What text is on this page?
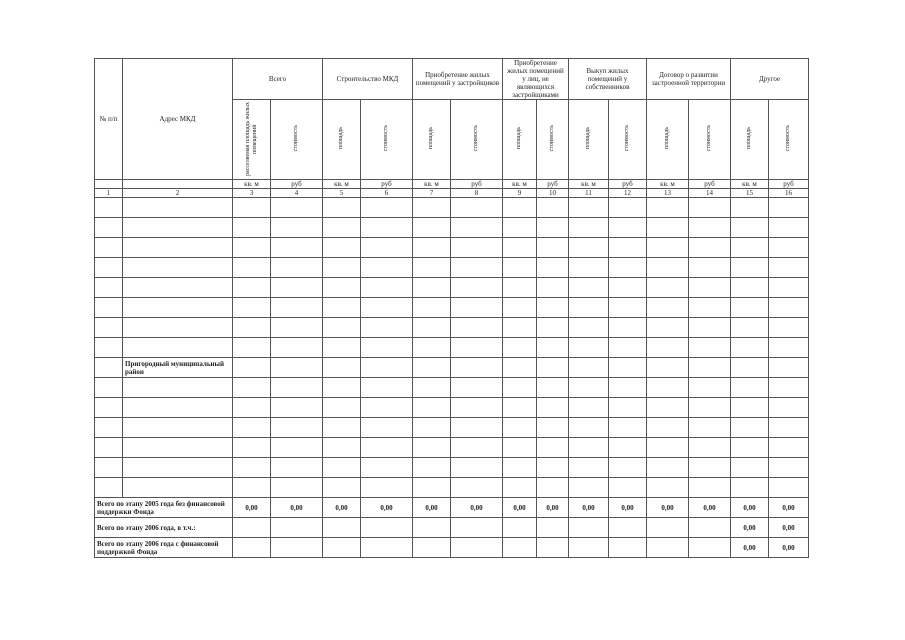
№ п/п	Адрес МКД	Всего		Строительство МКД		Приобретение жилых помещений у застройщиков		Приобретение жилых помещений у лиц, не являющихся застройщиками		Выкуп жилых помещений у собственников		Договор о развитии застроенной территории		Другое	
		расселяемая площадь жилых помещений	стоимость	площадь	стоимость	площадь	стоимость	площадь	стоимость	площадь	стоимость	площадь	стоимость	площадь	стоимость
		кв. м	руб	кв. м	руб	кв. м	руб	кв. м	руб	кв. м	руб	кв. м	руб	кв. м	руб
1	2	3	4	5	6	7	8	9	10	11	12	13	14	15	16

	Пригородный муниципальный район														

Всего по этапу 2005 года без финансовой поддержки Фонда		0,00	0,00	0,00	0,00	0,00	0,00	0,00	0,00	0,00	0,00	0,00	0,00	0,00	0,00
Всего по этапу 2006 года, в т.ч.:														0,00	0,00
Всего по этапу 2006 года с финансовой поддержкой Фонда														0,00	0,00
